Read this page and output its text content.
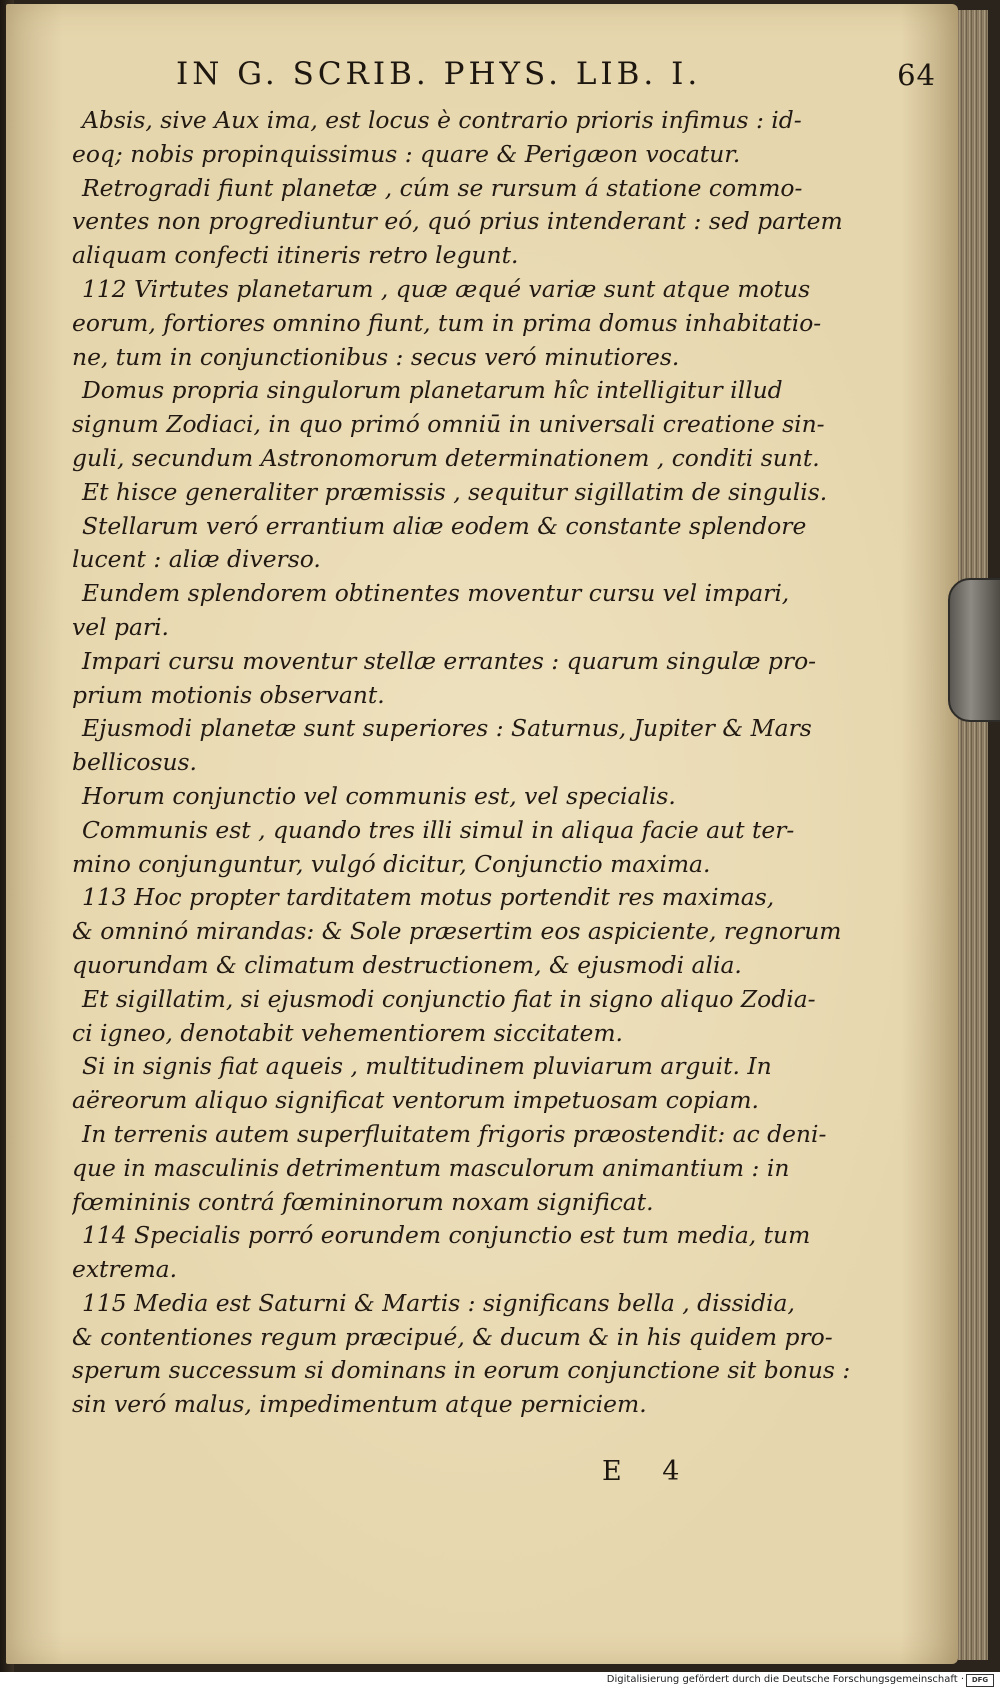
IN G. SCRIB. PHYS. LIB. I.	64
Absis, sive Aux ima, est locus è contrario prioris infimus : id-
eoq; nobis propinquissimus : quare & Perigæon vocatur.
Retrogradi fiunt planetæ , cúm se rursum á statione commo-
ventes non progrediuntur eó, quó prius intenderant : sed partem
aliquam confecti itineris retro legunt.
112 Virtutes planetarum , quæ æqué variæ sunt atque motus
eorum, fortiores omnino fiunt, tum in prima domus inhabitatio-
ne, tum in conjunctionibus : secus veró minutiores.
Domus propria singulorum planetarum hîc intelligitur illud
signum Zodiaci, in quo primó omniū in universali creatione sin-
guli, secundum Astronomorum determinationem , conditi sunt.
Et hisce generaliter præmissis , sequitur sigillatim de singulis.
Stellarum veró errantium aliæ eodem & constante splendore
lucent : aliæ diverso.
Eundem splendorem obtinentes moventur cursu vel impari,
vel pari.
Impari cursu moventur stellæ errantes : quarum singulæ pro-
prium motionis observant.
Ejusmodi planetæ sunt superiores : Saturnus, Jupiter & Mars
bellicosus.
Horum conjunctio vel communis est, vel specialis.
Communis est , quando tres illi simul in aliqua facie aut ter-
mino conjunguntur, vulgó dicitur, Conjunctio maxima.
113 Hoc propter tarditatem motus portendit res maximas,
& omninó mirandas: & Sole præsertim eos aspiciente, regnorum
quorundam & climatum destructionem, & ejusmodi alia.
Et sigillatim, si ejusmodi conjunctio fiat in signo aliquo Zodia-
ci igneo, denotabit vehementiorem siccitatem.
Si in signis fiat aqueis , multitudinem pluviarum arguit. In
aëreorum aliquo significat ventorum impetuosam copiam.
In terrenis autem superfluitatem frigoris præostendit: ac deni-
que in masculinis detrimentum masculorum animantium : in
fœmininis contrá fœmininorum noxam significat.
114 Specialis porró eorundem conjunctio est tum media, tum
extrema.
115 Media est Saturni & Martis : significans bella , dissidia,
& contentiones regum præcipué, & ducum & in his quidem pro-
sperum successum si dominans in eorum conjunctione sit bonus :
sin veró malus, impedimentum atque perniciem.
E 4
Digitalisierung gefördert durch die Deutsche Forschungsgemeinschaft ·	DFG
